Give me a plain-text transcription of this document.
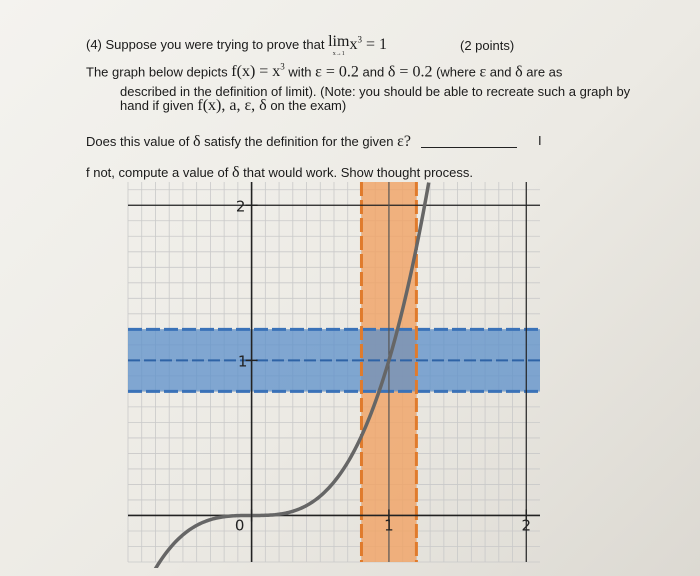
(4) Suppose you were trying to prove that lim
x→1
$x^3 = 1$	(2 points)
The graph below depicts $f(x) = x^3$ with ε = 0.2 and δ = 0.2 (where ε and δ are as
described in the definition of limit). (Note: you should be able to recreate such a graph by
hand if given f(x), a, ε, δ on the exam)
Does this value of δ satisfy the definition for the given ε?	I
f not, compute a value of δ that would work. Show thought process.
2
1
0	1	2
